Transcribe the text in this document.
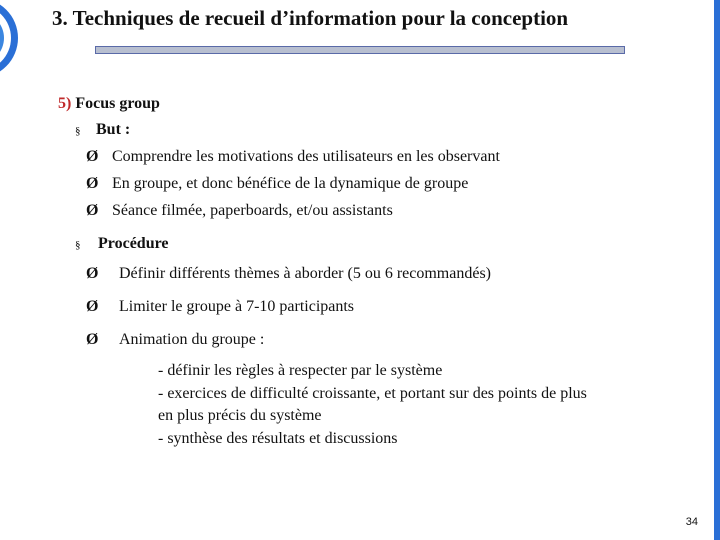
3. Techniques de recueil d’information pour la conception
5) Focus group
§ But :
Ø Comprendre les motivations des utilisateurs en les observant
Ø En groupe, et donc bénéfice de la dynamique de groupe
Ø Séance filmée, paperboards, et/ou assistants
§ Procédure
Ø Définir différents thèmes à aborder (5 ou 6 recommandés)
Ø Limiter le groupe à 7-10 participants
Ø Animation du groupe :
- définir les règles à respecter par le système
- exercices de difficulté croissante, et portant sur des points de plus
en plus précis du système
- synthèse des résultats et discussions
34
